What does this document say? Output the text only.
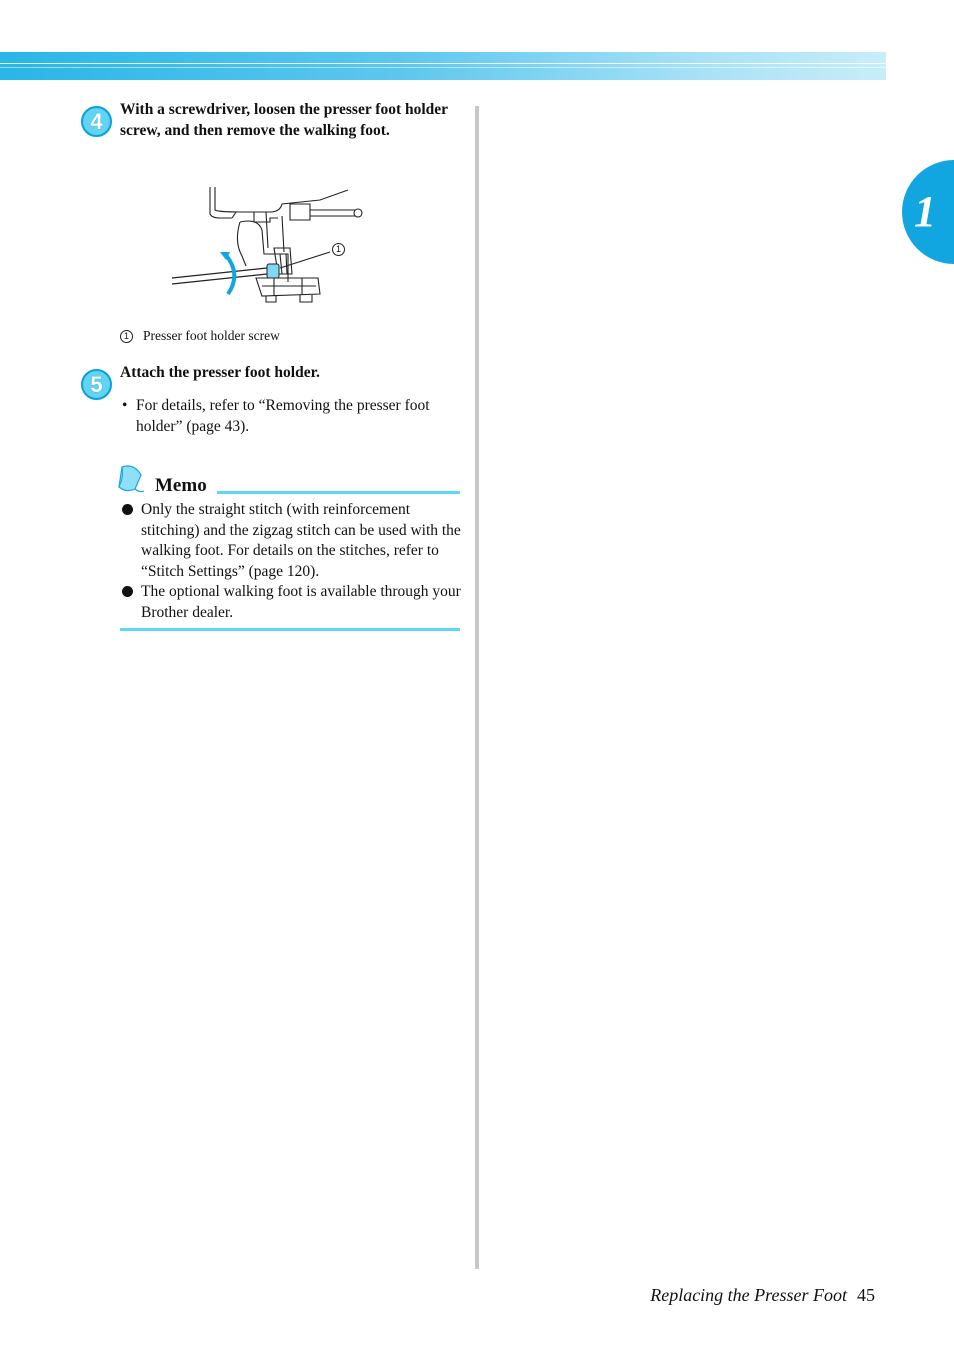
1
4	With a screwdriver, loosen the presser foot holder screw, and then remove the walking foot.
1
1 Presser foot holder screw
5	Attach the presser foot holder.
• For details, refer to “Removing the presser foot holder” (page 43).
Memo
Only the straight stitch (with reinforcement stitching) and the zigzag stitch can be used with the walking foot. For details on the stitches, refer to “Stitch Settings” (page 120).
The optional walking foot is available through your Brother dealer.
Replacing the Presser Foot 45
